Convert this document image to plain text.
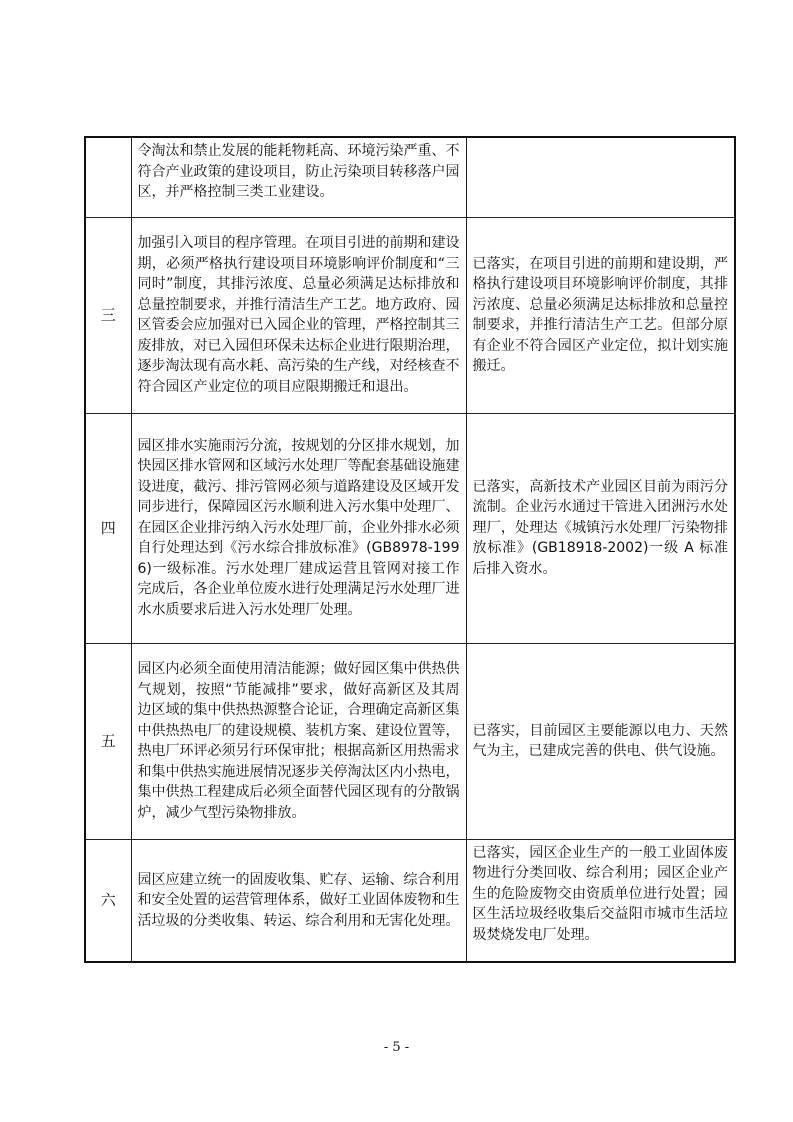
	令淘汰和禁止发展的能耗物耗高、环境污染严重、不符合产业政策的建设项目，防止污染项目转移落户园区，并严格控制三类工业建设。	
三	加强引入项目的程序管理。在项目引进的前期和建设期，必须严格执行建设项目环境影响评价制度和“三同时”制度，其排污浓度、总量必须满足达标排放和总量控制要求，并推行清洁生产工艺。地方政府、园区管委会应加强对已入园企业的管理，严格控制其三废排放，对已入园但环保未达标企业进行限期治理，逐步淘汰现有高水耗、高污染的生产线，对经核查不符合园区产业定位的项目应限期搬迁和退出。	已落实，在项目引进的前期和建设期，严格执行建设项目环境影响评价制度，其排污浓度、总量必须满足达标排放和总量控制要求，并推行清洁生产工艺。但部分原有企业不符合园区产业定位，拟计划实施搬迁。
四	园区排水实施雨污分流，按规划的分区排水规划，加快园区排水管网和区域污水处理厂等配套基础设施建设进度，截污、排污管网必须与道路建设及区域开发同步进行，保障园区污水顺利进入污水集中处理厂、在园区企业排污纳入污水处理厂前，企业外排水必须自行处理达到《污水综合排放标准》(GB8978-1996)一级标准。污水处理厂建成运营且管网对接工作完成后，各企业单位废水进行处理满足污水处理厂进水水质要求后进入污水处理厂处理。	已落实，高新技术产业园区目前为雨污分流制。企业污水通过干管进入团洲污水处理厂，处理达《城镇污水处理厂污染物排放标准》(GB18918-2002)一级 A 标准后排入资水。
五	园区内必须全面使用清洁能源；做好园区集中供热供气规划，按照“节能减排”要求，做好高新区及其周边区域的集中供热热源整合论证，合理确定高新区集中供热热电厂的建设规模、装机方案、建设位置等，热电厂环评必须另行环保审批；根据高新区用热需求和集中供热实施进展情况逐步关停淘汰区内小热电，集中供热工程建成后必须全面替代园区现有的分散锅炉，减少气型污染物排放。	已落实，目前园区主要能源以电力、天然气为主，已建成完善的供电、供气设施。
六	园区应建立统一的固废收集、贮存、运输、综合利用和安全处置的运营管理体系，做好工业固体废物和生活垃圾的分类收集、转运、综合利用和无害化处理。	已落实，园区企业生产的一般工业固体废物进行分类回收、综合利用；园区企业产生的危险废物交由资质单位进行处置；园区生活垃圾经收集后交益阳市城市生活垃圾焚烧发电厂处理。
- 5 -
